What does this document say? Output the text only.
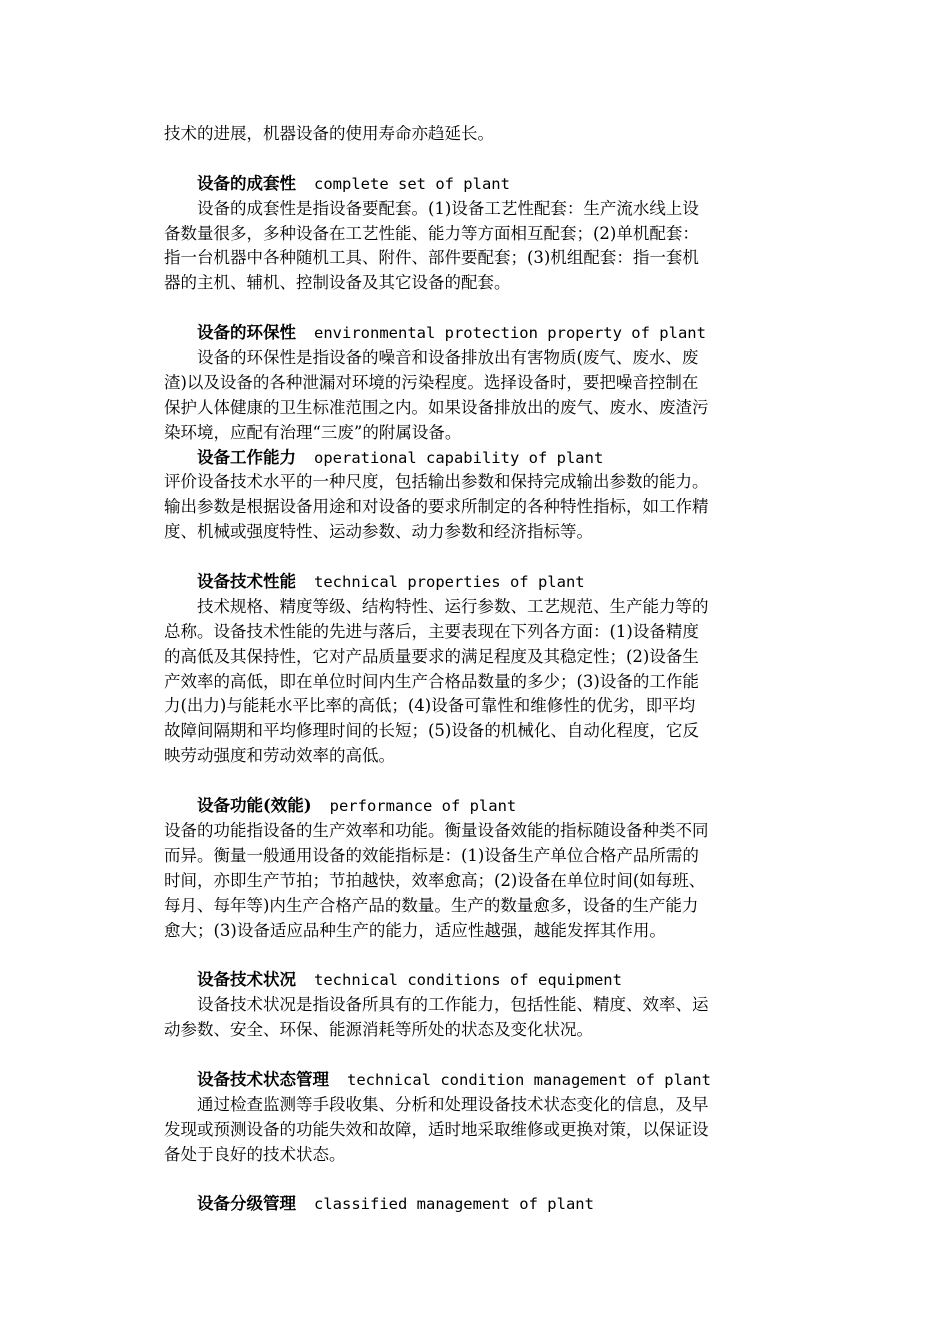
技术的进展，机器设备的使用寿命亦趋延长。
设备的成套性 complete set of plant
设备的成套性是指设备要配套。(1)设备工艺性配套：生产流水线上设
备数量很多，多种设备在工艺性能、能力等方面相互配套；(2)单机配套：
指一台机器中各种随机工具、附件、部件要配套；(3)机组配套：指一套机
器的主机、辅机、控制设备及其它设备的配套。
设备的环保性 environmental protection property of plant
设备的环保性是指设备的噪音和设备排放出有害物质(废气、废水、废
渣)以及设备的各种泄漏对环境的污染程度。选择设备时，要把噪音控制在
保护人体健康的卫生标准范围之内。如果设备排放出的废气、废水、废渣污
染环境，应配有治理“三废”的附属设备。
设备工作能力 operational capability of plant
评价设备技术水平的一种尺度，包括输出参数和保持完成输出参数的能力。
输出参数是根据设备用途和对设备的要求所制定的各种特性指标，如工作精
度、机械或强度特性、运动参数、动力参数和经济指标等。
设备技术性能 technical properties of plant
技术规格、精度等级、结构特性、运行参数、工艺规范、生产能力等的
总称。设备技术性能的先进与落后，主要表现在下列各方面：(1)设备精度
的高低及其保持性，它对产品质量要求的满足程度及其稳定性；(2)设备生
产效率的高低，即在单位时间内生产合格品数量的多少；(3)设备的工作能
力(出力)与能耗水平比率的高低；(4)设备可靠性和维修性的优劣，即平均
故障间隔期和平均修理时间的长短；(5)设备的机械化、自动化程度，它反
映劳动强度和劳动效率的高低。
设备功能(效能) performance of plant
设备的功能指设备的生产效率和功能。衡量设备效能的指标随设备种类不同
而异。衡量一般通用设备的效能指标是：(1)设备生产单位合格产品所需的
时间，亦即生产节拍；节拍越快，效率愈高；(2)设备在单位时间(如每班、
每月、每年等)内生产合格产品的数量。生产的数量愈多，设备的生产能力
愈大；(3)设备适应品种生产的能力，适应性越强，越能发挥其作用。
设备技术状况 technical conditions of equipment
设备技术状况是指设备所具有的工作能力，包括性能、精度、效率、运
动参数、安全、环保、能源消耗等所处的状态及变化状况。
设备技术状态管理 technical condition management of plant
通过检查监测等手段收集、分析和处理设备技术状态变化的信息，及早
发现或预测设备的功能失效和故障，适时地采取维修或更换对策，以保证设
备处于良好的技术状态。
设备分级管理 classified management of plant
